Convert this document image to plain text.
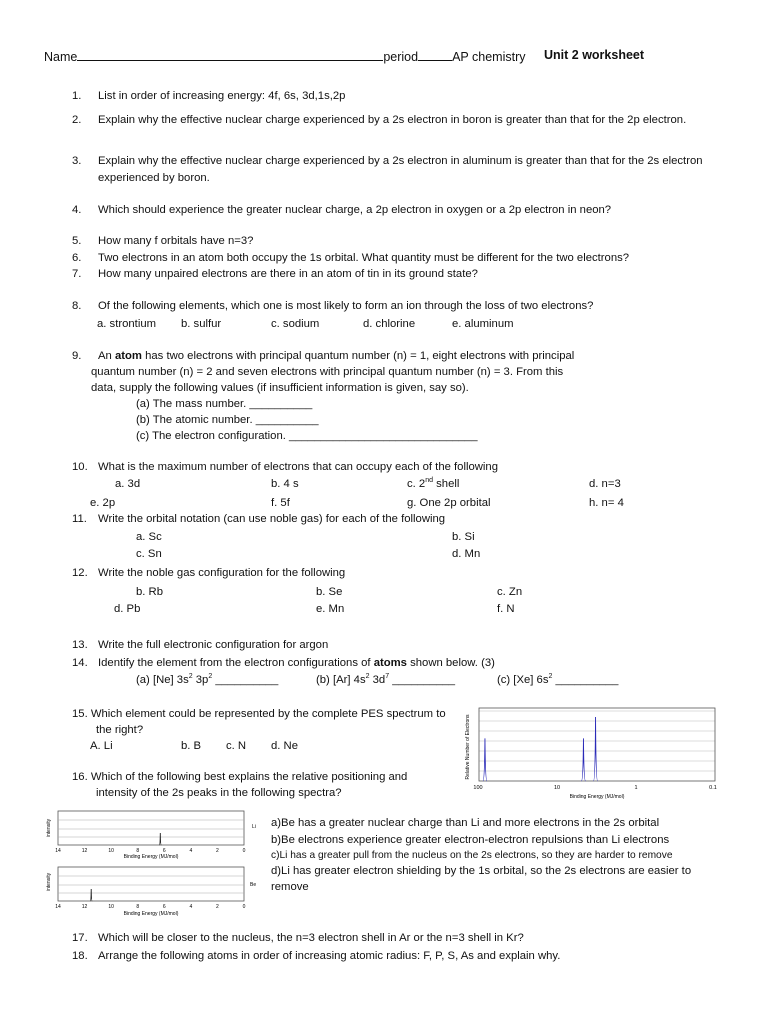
Name	period	AP chemistry Unit 2 worksheet
1. List in order of increasing energy: 4f, 6s, 3d,1s,2p
2. Explain why the effective nuclear charge experienced by a 2s electron in boron is greater than that for the 2p electron.
3. Explain why the effective nuclear charge experienced by a 2s electron in aluminum is greater than that for the 2s electron
experienced by boron.
4. Which should experience the greater nuclear charge, a 2p electron in oxygen or a 2p electron in neon?
5. How many f orbitals have n=3?
6. Two electrons in an atom both occupy the 1s orbital. What quantity must be different for the two electrons?
7. How many unpaired electrons are there in an atom of tin in its ground state?
8. Of the following elements, which one is most likely to form an ion through the loss of two electrons?
a. strontium b. sulfur	c. sodium	d. chlorine	e. aluminum
9. An atom has two electrons with principal quantum number (n) = 1, eight electrons with principal
quantum number (n) = 2 and seven electrons with principal quantum number (n) = 3. From this
data, supply the following values (if insufficient information is given, say so).
(a) The mass number. __________
(b) The atomic number. __________
(c) The electron configuration. ______________________________
10. What is the maximum number of electrons that can occupy each of the following
a. 3d	b. 4 s	c. 2nd shell	d. n=3
e. 2p	f. 5f	g. One 2p orbital	h. n= 4
11. Write the orbital notation (can use noble gas) for each of the following
a. Sc	b. Si
c. Sn	d. Mn
12. Write the noble gas configuration for the following
b. Rb	b. Se	c. Zn
d. Pb	e. Mn	f. N
13. Write the full electronic configuration for argon
14. Identify the element from the electron configurations of atoms shown below. (3)
(a) [Ne] $3s^2$ $3p^2$ __________	(b) [Ar] $4s^2$ $3d^7$ __________	(c) [Xe] $6s^2$ __________
15. Which element could be represented by the complete PES spectrum to
the right?
A. Li	b. B c. N d. Ne	Relative Number of Electrons
100	10	1	0.1
Binding Energy (MJ/mol)
16. Which of the following best explains the relative positioning and
intensity of the 2s peaks in the following spectra?
intensity	Li
14	12	10	8	6	4	2	0
Binding Energy (MJ/mol)
intensity	Be
14	12	10	8	6	4	2	0
Binding Energy (MJ/mol)
a)Be has a greater nuclear charge than Li and more electrons in the 2s orbital
b)Be electrons experience greater electron-electron repulsions than Li electrons
c)Li has a greater pull from the nucleus on the 2s electrons, so they are harder to remove
d)Li has greater electron shielding by the 1s orbital, so the 2s electrons are easier to
remove
17. Which will be closer to the nucleus, the n=3 electron shell in Ar or the n=3 shell in Kr?
18. Arrange the following atoms in order of increasing atomic radius: F, P, S, As and explain why.
